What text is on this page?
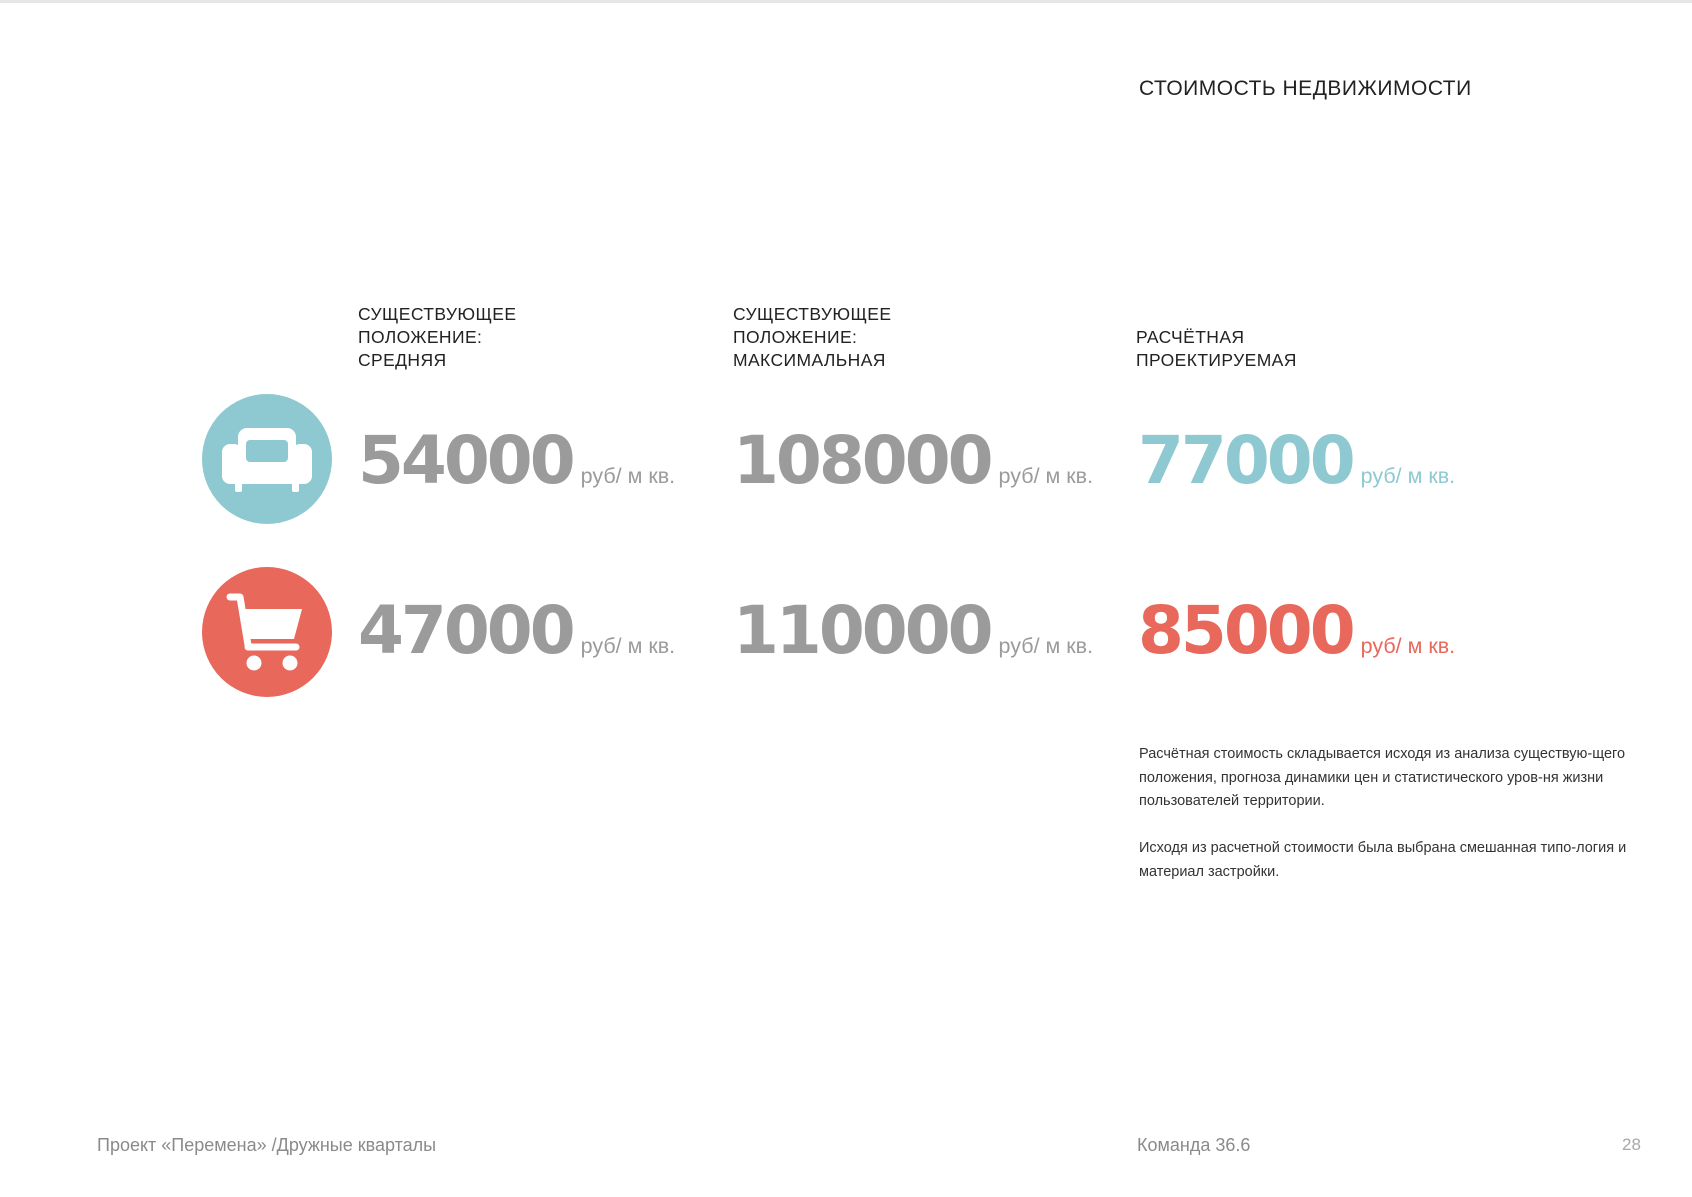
СТОИМОСТЬ НЕДВИЖИМОСТИ
СУЩЕСТВУЮЩЕЕ
ПОЛОЖЕНИЕ:
СРЕДНЯЯ
СУЩЕСТВУЮЩЕЕ
ПОЛОЖЕНИЕ:
МАКСИМАЛЬНАЯ
РАСЧЁТНАЯ
ПРОЕКТИРУЕМАЯ
54000 руб/ м кв. 108000 руб/ м кв. 77000 руб/ м кв.
47000 руб/ м кв. 110000 руб/ м кв. 85000 руб/ м кв.

Расчётная стоимость складывается исходя из анализа существую-щего положения, прогноза динамики цен и статистического уров-ня жизни пользователей территории.

Исходя из расчетной стоимости была выбрана смешанная типо-логия и материал застройки.

Проект «Перемена» /Дружные кварталы	Команда 36.6	28
